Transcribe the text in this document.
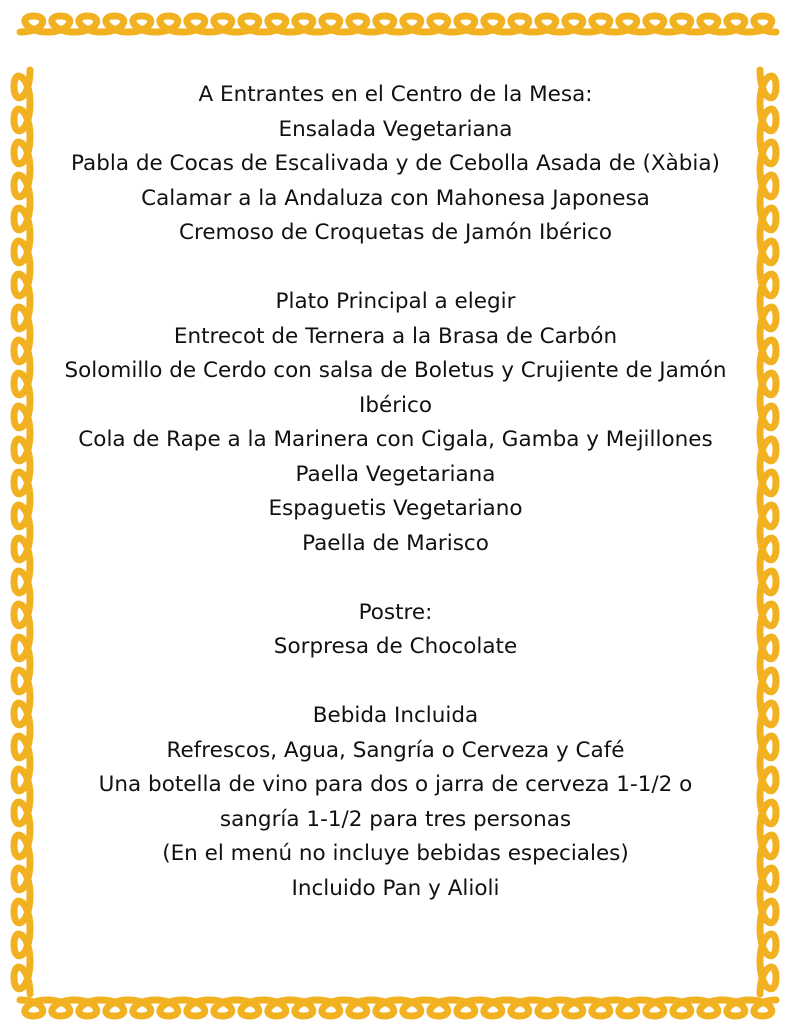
A Entrantes en el Centro de la Mesa:
Ensalada Vegetariana
Pabla de Cocas de Escalivada y de Cebolla Asada de (Xàbia)
Calamar a la Andaluza con Mahonesa Japonesa
Cremoso de Croquetas de Jamón Ibérico
Plato Principal a elegir
Entrecot de Ternera a la Brasa de Carbón
Solomillo de Cerdo con salsa de Boletus y Crujiente de Jamón Ibérico
Cola de Rape a la Marinera con Cigala, Gamba y Mejillones
Paella Vegetariana
Espaguetis Vegetariano
Paella de Marisco
Postre:
Sorpresa de Chocolate
Bebida Incluida
Refrescos, Agua, Sangría o Cerveza y Café
Una botella de vino para dos o jarra de cerveza 1-1/2 o sangría 1-1/2 para tres personas
(En el menú no incluye bebidas especiales)
Incluido Pan y Alioli
